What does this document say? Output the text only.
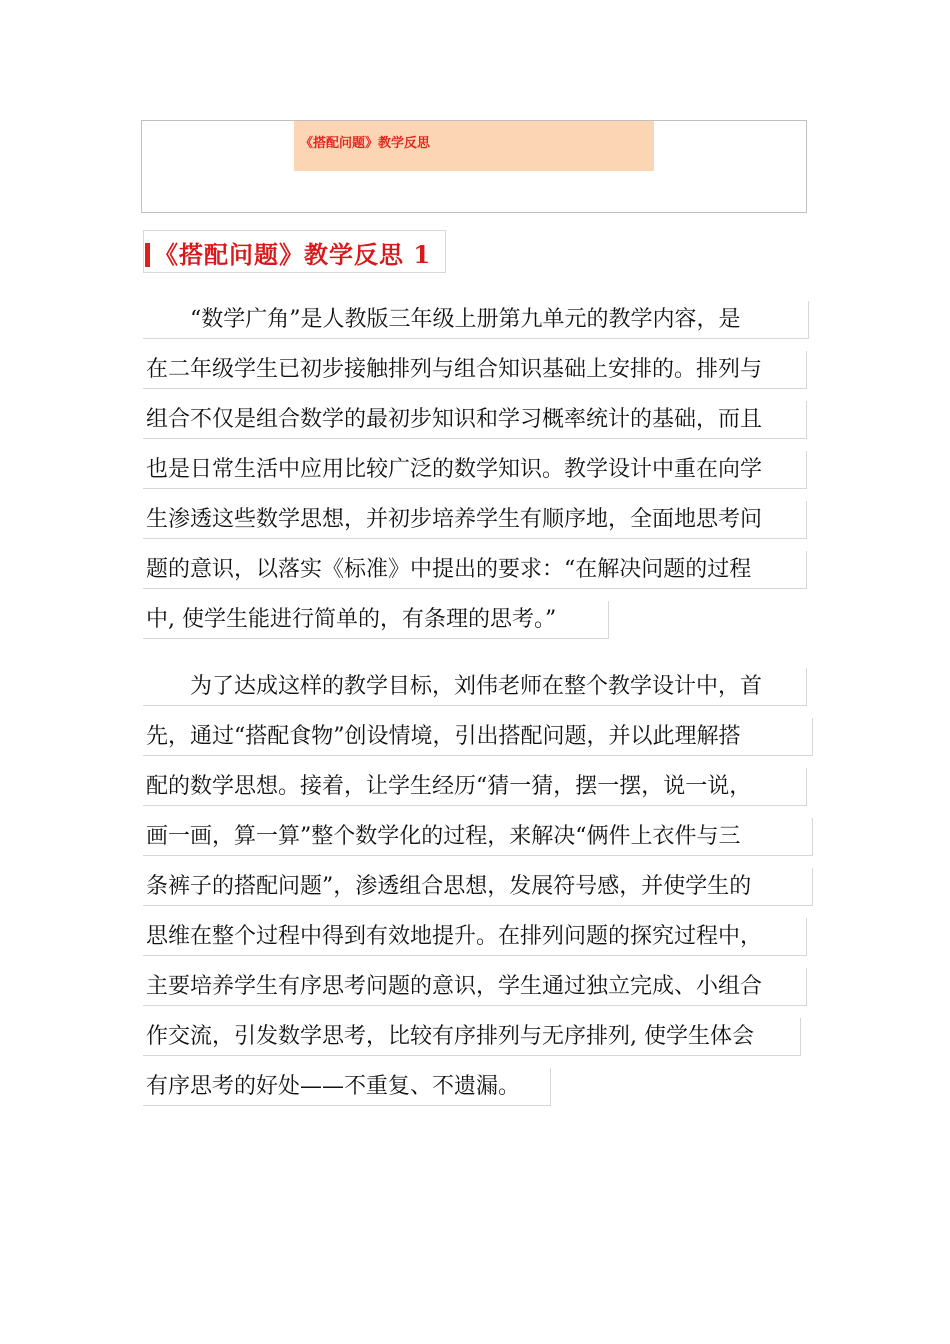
《搭配问题》教学反思
《搭配问题》教学反思 1
　　“数学广角”是人教版三年级上册第九单元的教学内容，是
在二年级学生已初步接触排列与组合知识基础上安排的。排列与
组合不仅是组合数学的最初步知识和学习概率统计的基础，而且
也是日常生活中应用比较广泛的数学知识。教学设计中重在向学
生渗透这些数学思想，并初步培养学生有顺序地，全面地思考问
题的意识，以落实《标准》中提出的要求：“在解决问题的过程
中, 使学生能进行简单的，有条理的思考。”
　　为了达成这样的教学目标，刘伟老师在整个教学设计中，首
先，通过“搭配食物”创设情境，引出搭配问题，并以此理解搭
配的数学思想。接着，让学生经历“猜一猜，摆一摆，说一说，
画一画，算一算”整个数学化的过程，来解决“俩件上衣件与三
条裤子的搭配问题”，渗透组合思想，发展符号感，并使学生的
思维在整个过程中得到有效地提升。在排列问题的探究过程中，
主要培养学生有序思考问题的意识，学生通过独立完成、小组合
作交流，引发数学思考，比较有序排列与无序排列, 使学生体会
有序思考的好处——不重复、不遗漏。
